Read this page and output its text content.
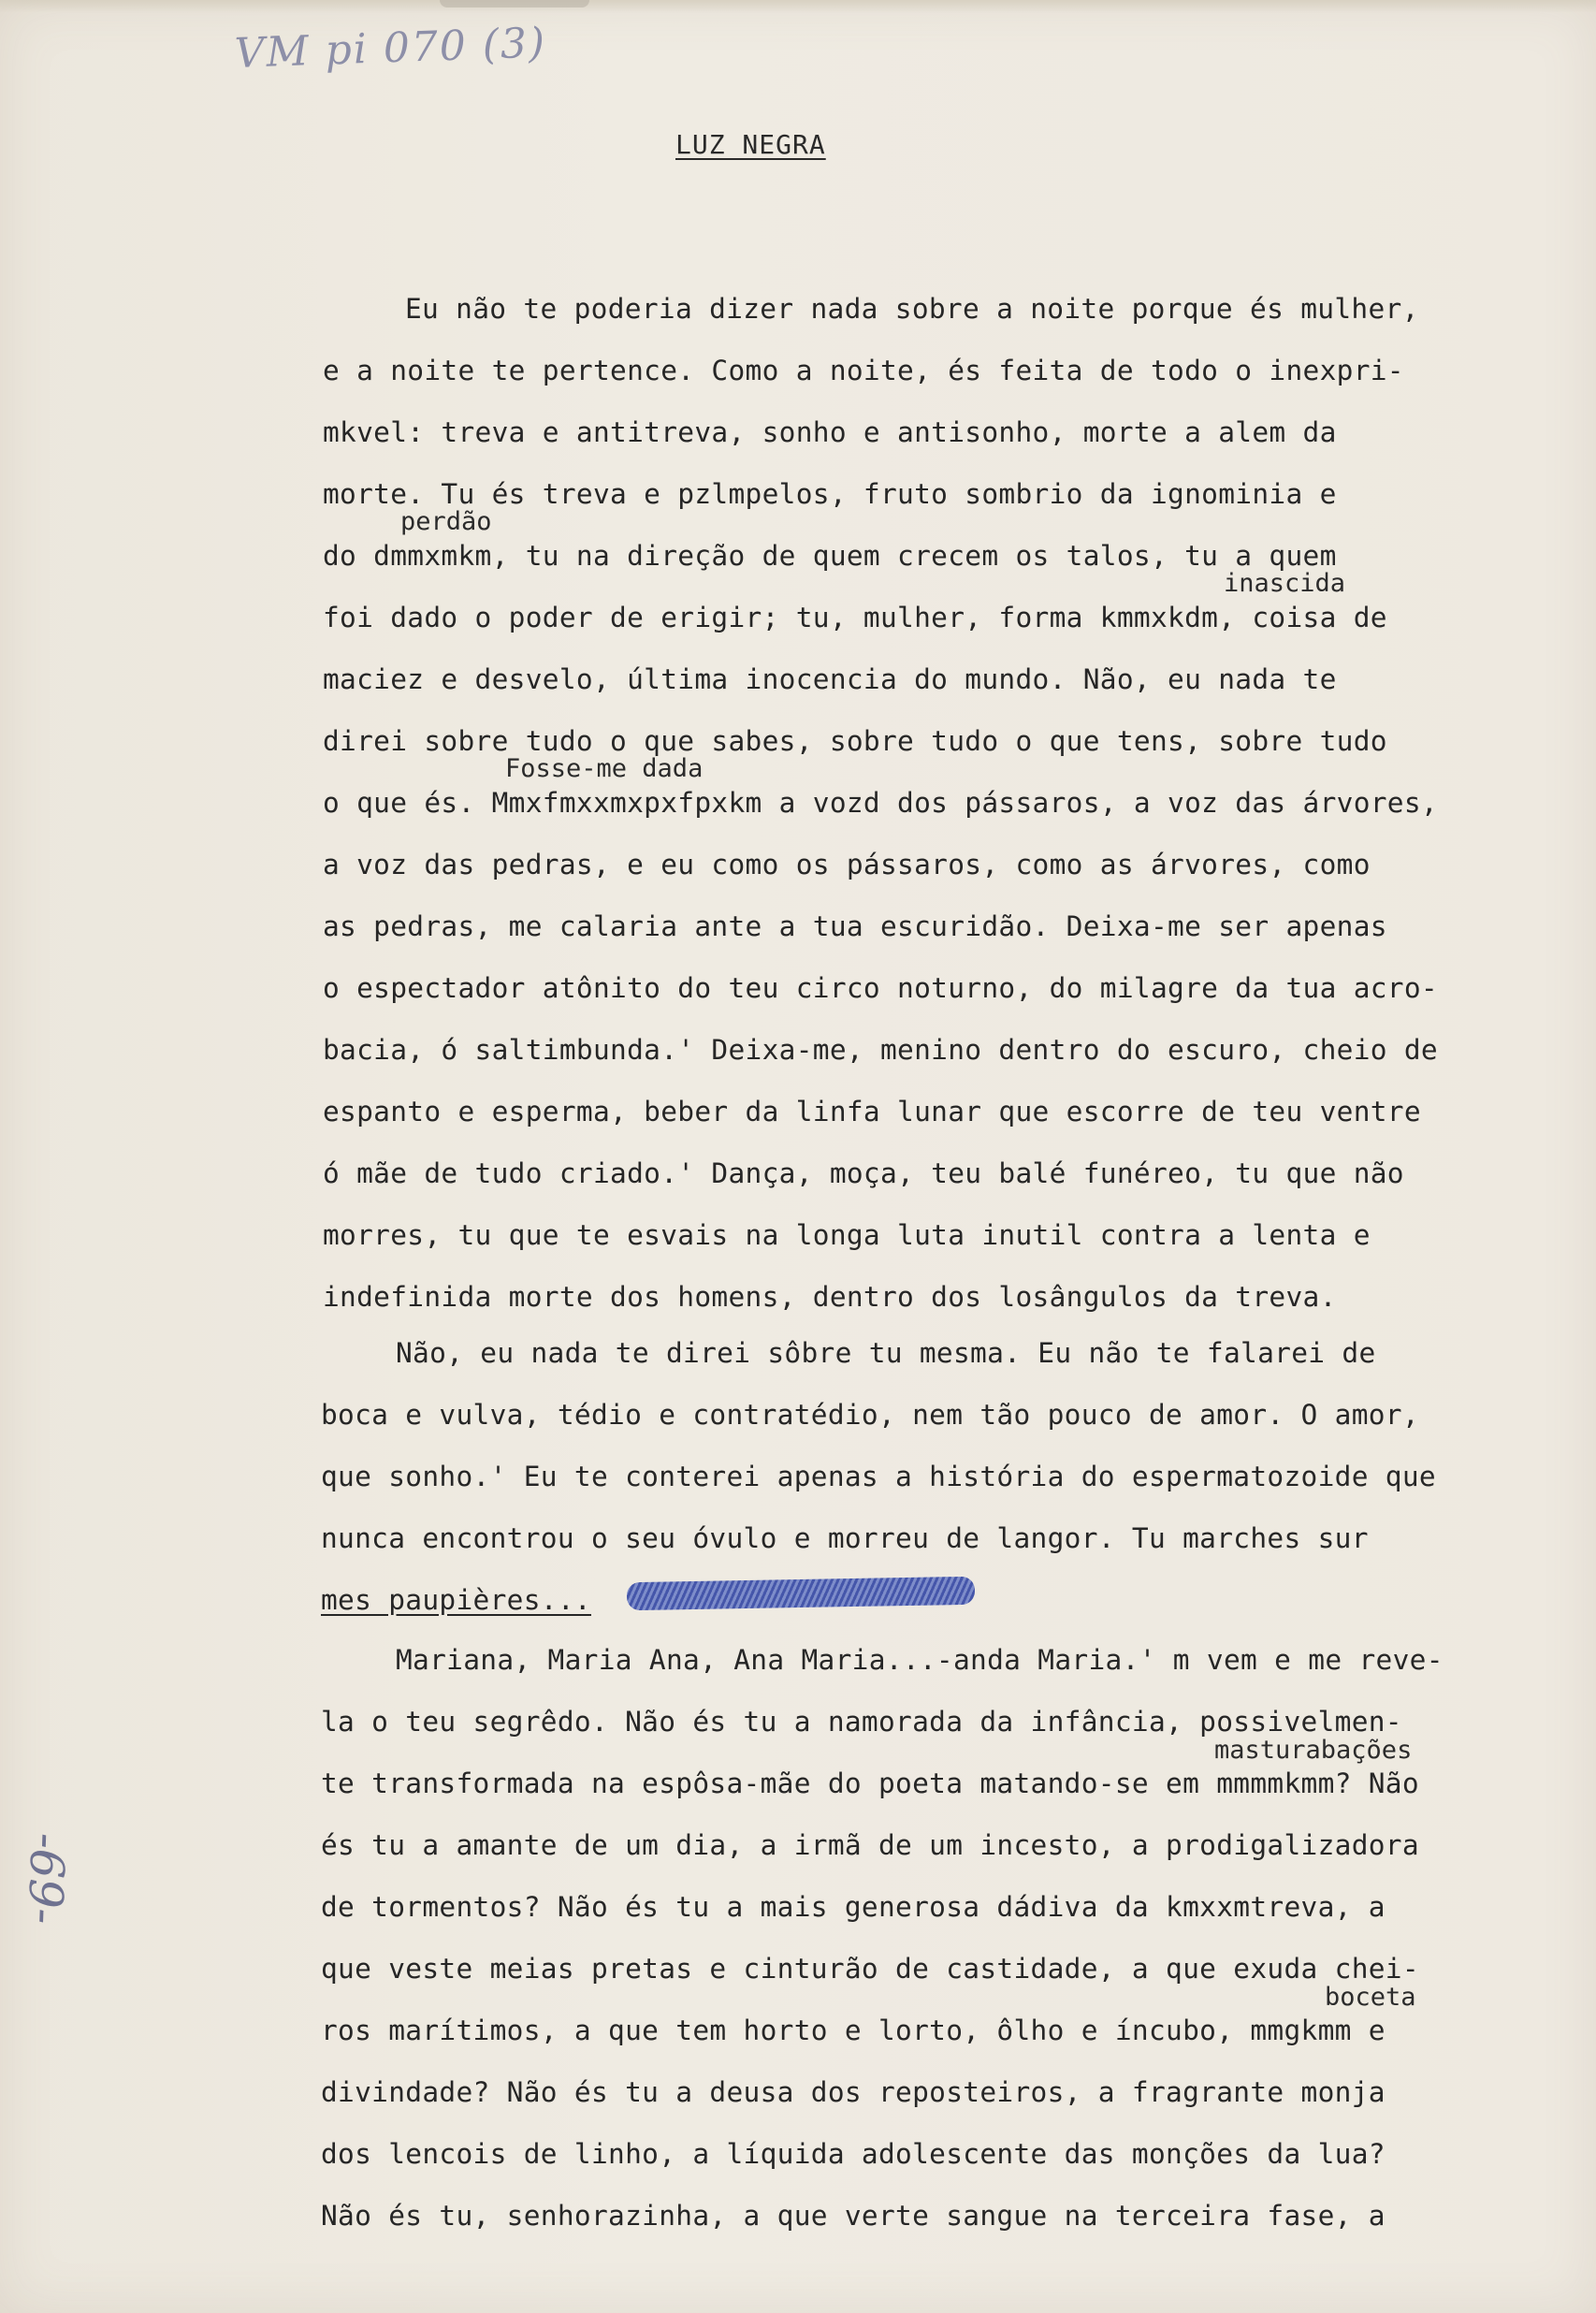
VM pi 070 (3)
LUZ NEGRA
Eu não te poderia dizer nada sobre a noite porque és mulher,
e a noite te pertence. Como a noite, és feita de todo o inexpri-
mkvel: treva e antitreva, sonho e antisonho, morte a alem da
morte. Tu és treva e pzlmpelos, fruto sombrio da ignominia e
perdão
do dmmxmkm, tu na direção de quem crecem os talos, tu a quem
inascida
foi dado o poder de erigir; tu, mulher, forma kmmxkdm, coisa de
maciez e desvelo, última inocencia do mundo. Não, eu nada te
direi sobre tudo o que sabes, sobre tudo o que tens, sobre tudo
Fosse-me dada
o que és. Mmxfmxxmxpxfpxkm a vozd dos pássaros, a voz das árvores,
a voz das pedras, e eu como os pássaros, como as árvores, como
as pedras, me calaria ante a tua escuridão. Deixa-me ser apenas
o espectador atônito do teu circo noturno, do milagre da tua acro-
bacia, ó saltimbunda.' Deixa-me, menino dentro do escuro, cheio de
espanto e esperma, beber da linfa lunar que escorre de teu ventre
ó mãe de tudo criado.' Dança, moça, teu balé funéreo, tu que não
morres, tu que te esvais na longa luta inutil contra a lenta e
indefinida morte dos homens, dentro dos losângulos da treva.
Não, eu nada te direi sôbre tu mesma. Eu não te falarei de
boca e vulva, tédio e contratédio, nem tão pouco de amor. O amor,
que sonho.' Eu te conterei apenas a história do espermatozoide que
nunca encontrou o seu óvulo e morreu de langor. Tu marches sur
mes paupières...
Mariana, Maria Ana, Ana Maria...-anda Maria.' m vem e me reve-
la o teu segrêdo. Não és tu a namorada da infância, possivelmen-
masturabações
te transformada na espôsa-mãe do poeta matando-se em mmmmkmm? Não
és tu a amante de um dia, a irmã de um incesto, a prodigalizadora
de tormentos? Não és tu a mais generosa dádiva da kmxxmtreva, a
que veste meias pretas e cinturão de castidade, a que exuda chei-
boceta
ros marítimos, a que tem horto e lorto, ôlho e íncubo, mmgkmm e
divindade? Não és tu a deusa dos reposteiros, a fragrante monja
dos lencois de linho, a líquida adolescente das monções da lua?
Não és tu, senhorazinha, a que verte sangue na terceira fase, a
-69-
